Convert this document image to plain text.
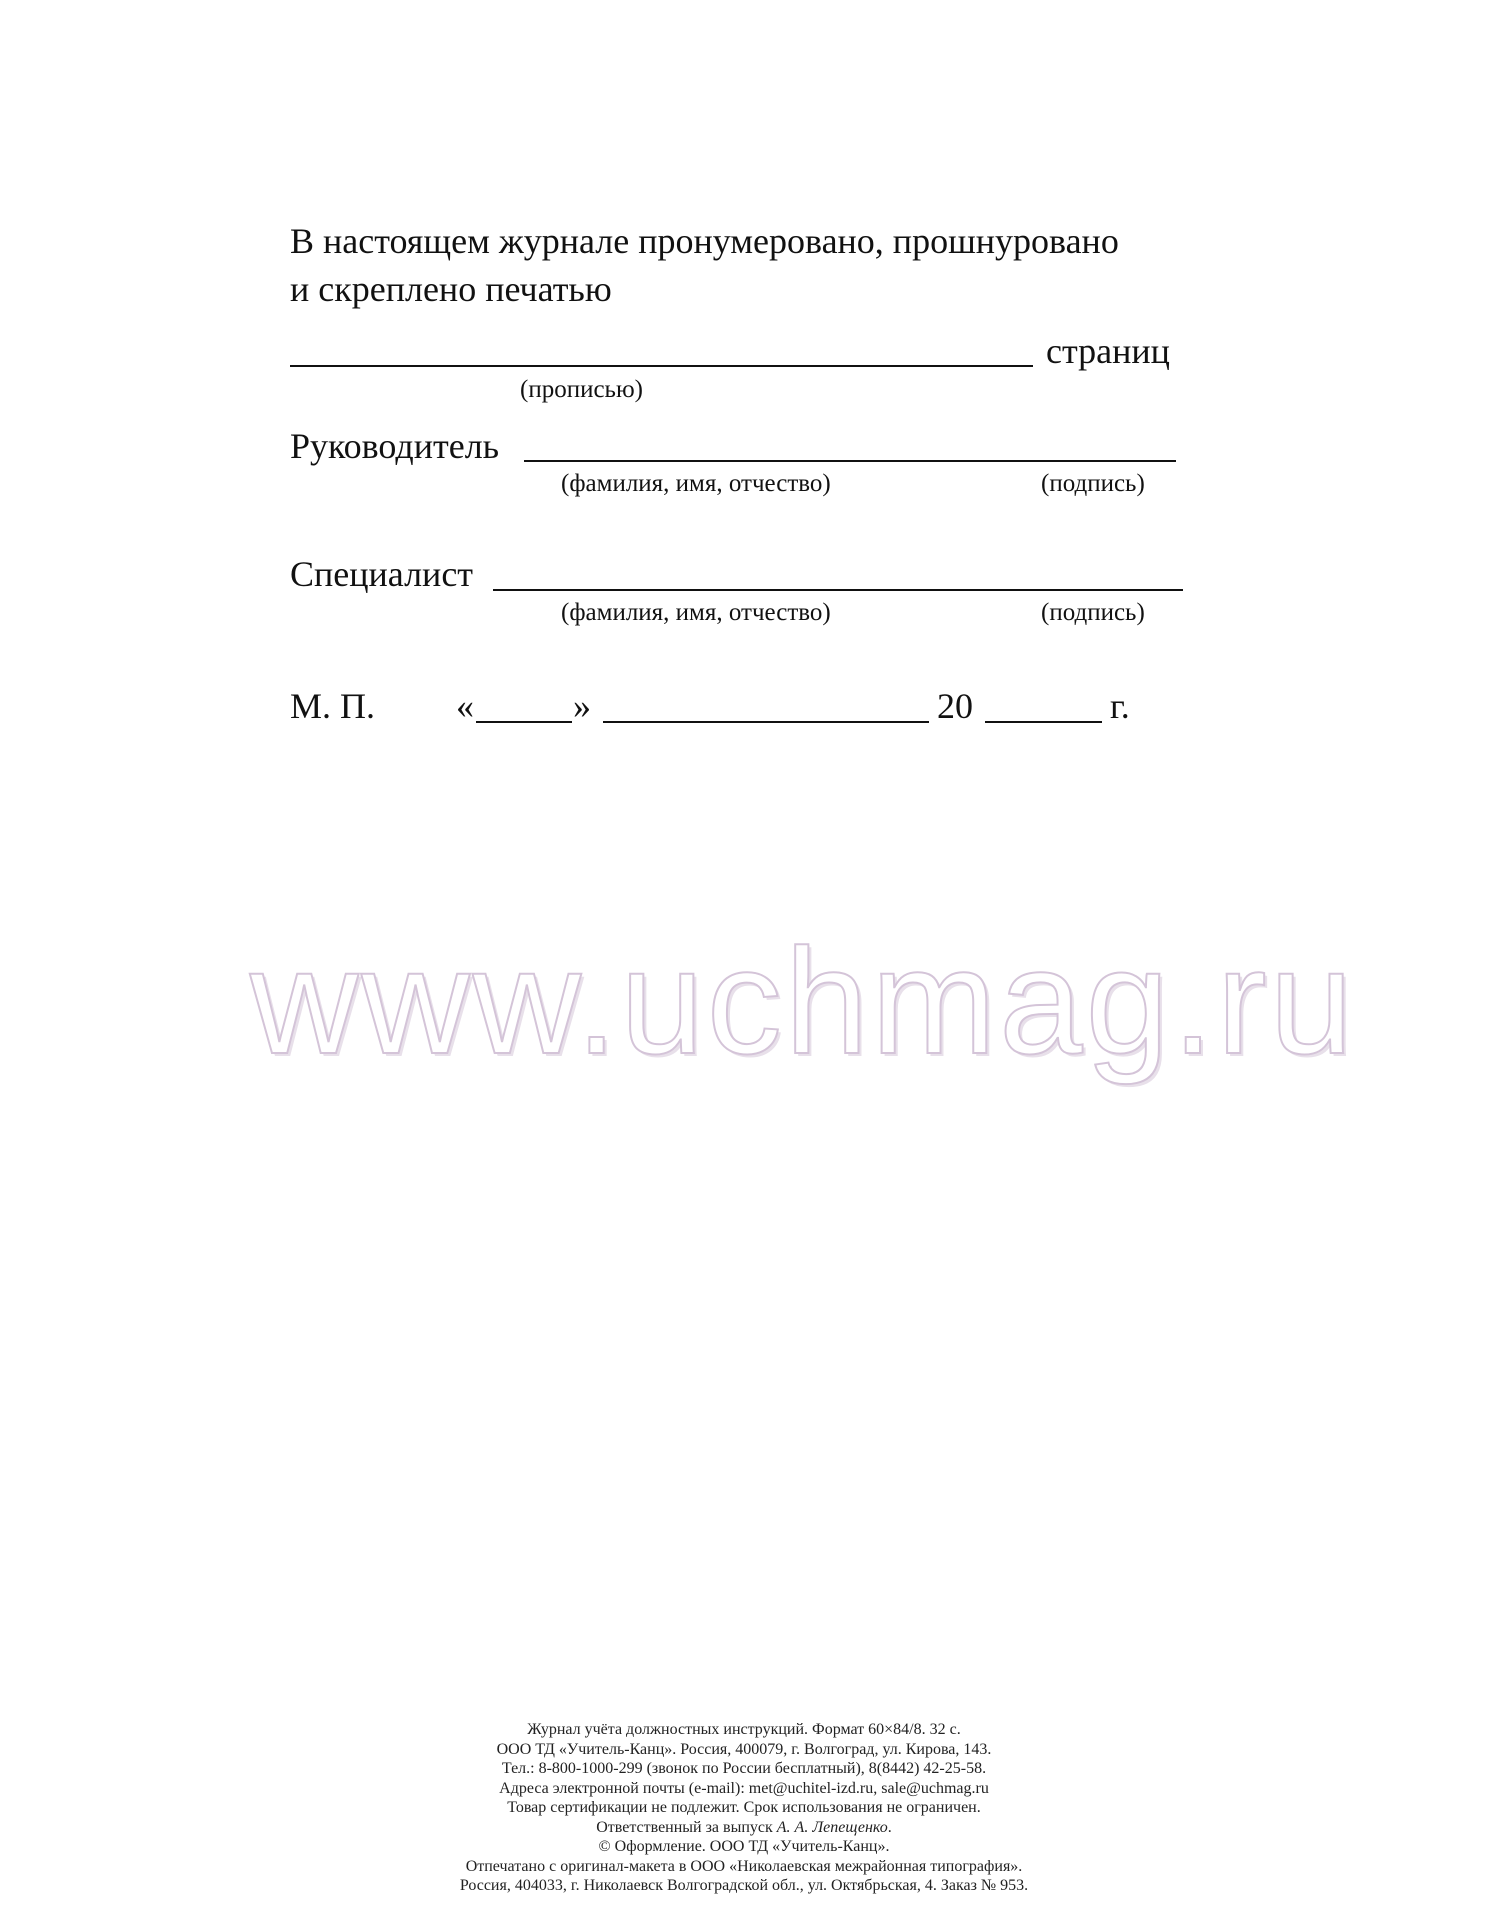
В настоящем журнале пронумеровано, прошнуровано
и скреплено печатью
страниц
(прописью)
Руководитель
(фамилия, имя, отчество)	(подпись)
Специалист
(фамилия, имя, отчество)	(подпись)
М. П. «	»	20	г.
www.uchmag.ru
Журнал учёта должностных инструкций. Формат 60×84/8. 32 с.
ООО ТД «Учитель-Канц». Россия, 400079, г. Волгоград, ул. Кирова, 143.
Тел.: 8-800-1000-299 (звонок по России бесплатный), 8(8442) 42-25-58.
Адреса электронной почты (e-mail): met@uchitel-izd.ru, sale@uchmag.ru
Товар сертификации не подлежит. Срок использования не ограничен.
Ответственный за выпуск А. А. Лепещенко.
© Оформление. ООО ТД «Учитель-Канц».
Отпечатано с оригинал-макета в ООО «Николаевская межрайонная типография».
Россия, 404033, г. Николаевск Волгоградской обл., ул. Октябрьская, 4. Заказ № 953.
